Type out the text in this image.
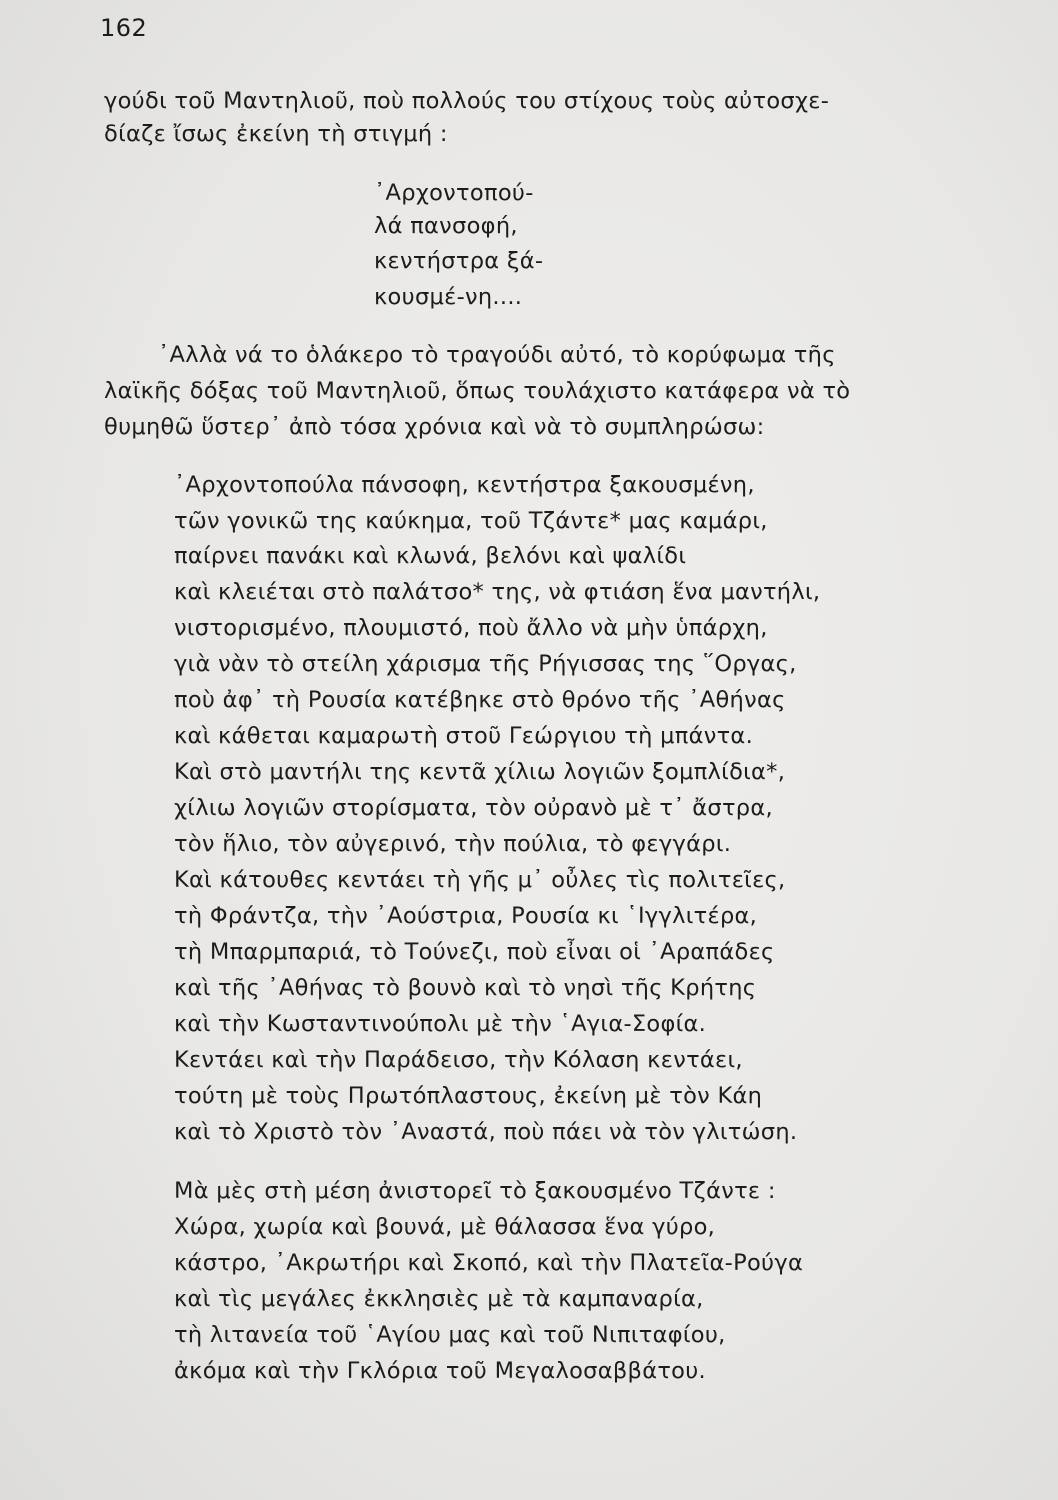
162

γούδι τοῦ Μαντηλιοῦ, ποὺ πολλούς του στίχους τοὺς αὐτοσχε-

δίαζε ἴσως ἐκείνη τὴ στιγμή :

᾿Αρχοντοπού-

λά πανσοφή,

κεντήστρα ξά-

κουσμέ-νη....

᾿Αλλὰ νά το ὁλάκερο τὸ τραγούδι αὐτό, τὸ κορύφωμα τῆς

λαϊκῆς δόξας τοῦ Μαντηλιοῦ, ὅπως τουλάχιστο κατάφερα νὰ τὸ

θυμηθῶ ὕστερ᾿ ἀπὸ τόσα χρόνια καὶ νὰ τὸ συμπληρώσω:

᾿Αρχοντοπούλα πάνσοφη, κεντήστρα ξακουσμένη,

τῶν γονικῶ της καύκημα, τοῦ Τζάντε* μας καμάρι,

παίρνει πανάκι καὶ κλωνά, βελόνι καὶ ψαλίδι

καὶ κλειέται στὸ παλάτσο* της, νὰ φτιάση ἕνα μαντήλι,

νιστορισμένο, πλουμιστό, ποὺ ἄλλο νὰ μὴν ὑπάρχη,

γιὰ νὰν τὸ στείλη χάρισμα τῆς Ρήγισσας της ῞Οργας,

ποὺ ἀφ᾿ τὴ Ρουσία κατέβηκε στὸ θρόνο τῆς ᾿Αθήνας

καὶ κάθεται καμαρωτὴ στοῦ Γεώργιου τὴ μπάντα.

Καὶ στὸ μαντήλι της κεντᾶ χίλιω λογιῶν ξομπλίδια*,

χίλιω λογιῶν στορίσματα, τὸν οὐρανὸ μὲ τ᾿ ἄστρα,

τὸν ἥλιο, τὸν αὐγερινό, τὴν πούλια, τὸ φεγγάρι.

Καὶ κάτουθες κεντάει τὴ γῆς μ᾿ οὖλες τὶς πολιτεῖες,

τὴ Φράντζα, τὴν ᾿Αούστρια, Ρουσία κι ῾Ιγγλιτέρα,

τὴ Μπαρμπαριά, τὸ Τούνεζι, ποὺ εἶναι οἱ ᾿Αραπάδες

καὶ τῆς ᾿Αθήνας τὸ βουνὸ καὶ τὸ νησὶ τῆς Κρήτης

καὶ τὴν Κωσταντινούπολι μὲ τὴν ῾Αγια-Σοφία.

Κεντάει καὶ τὴν Παράδεισο, τὴν Κόλαση κεντάει,

τούτη μὲ τοὺς Πρωτόπλαστους, ἐκείνη μὲ τὸν Κάη

καὶ τὸ Χριστὸ τὸν ᾿Αναστά, ποὺ πάει νὰ τὸν γλιτώση.

Μὰ μὲς στὴ μέση ἀνιστορεῖ τὸ ξακουσμένο Τζάντε :

Χώρα, χωρία καὶ βουνά, μὲ θάλασσα ἕνα γύρο,

κάστρο, ᾿Ακρωτήρι καὶ Σκοπό, καὶ τὴν Πλατεῖα-Ρούγα

καὶ τὶς μεγάλες ἐκκλησιὲς μὲ τὰ καμπαναρία,

τὴ λιτανεία τοῦ ῾Αγίου μας καὶ τοῦ Νιπιταφίου,

ἀκόμα καὶ τὴν Γκλόρια τοῦ Μεγαλοσαββάτου.
